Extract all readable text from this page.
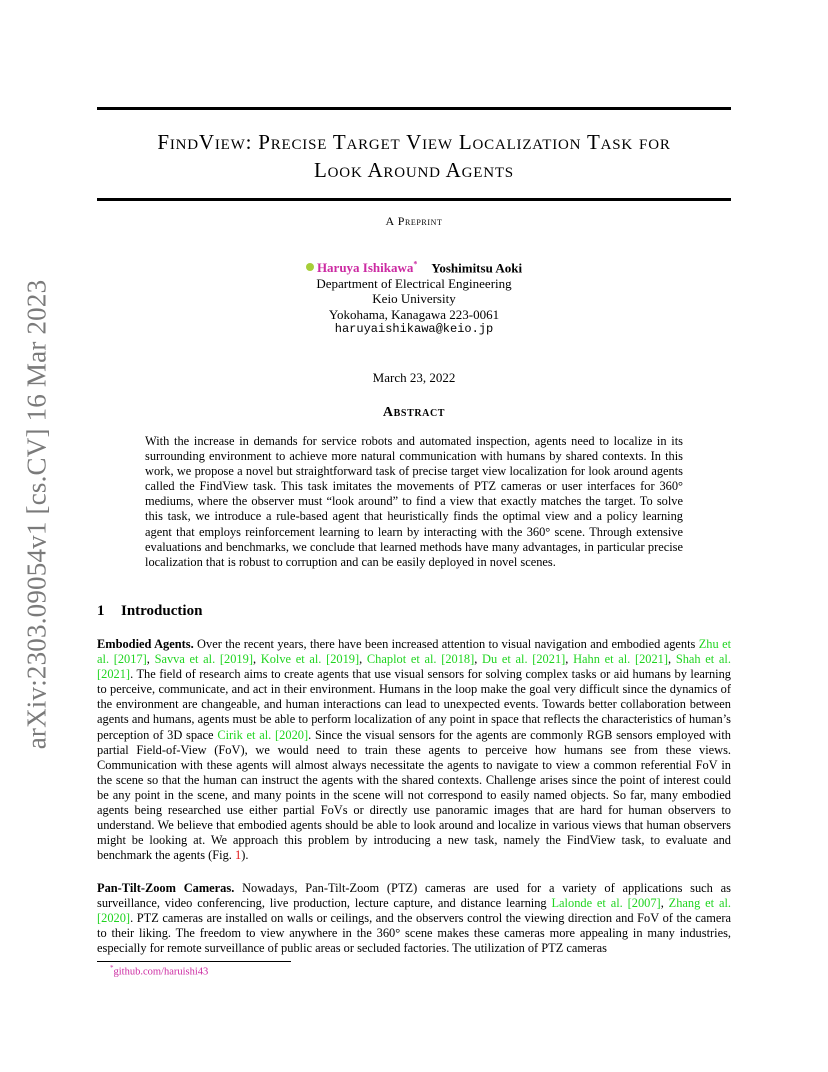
arXiv:2303.09054v1 [cs.CV] 16 Mar 2023
FindView: Precise Target View Localization Task for
Look Around Agents
A Preprint
Haruya Ishikawa* Yoshimitsu Aoki
Department of Electrical Engineering
Keio University
Yokohama, Kanagawa 223-0061
haruyaishikawa@keio.jp
March 23, 2022
Abstract

With the increase in demands for service robots and automated inspection, agents need to localize in its surrounding environment to achieve more natural communication with humans by shared contexts. In this work, we propose a novel but straightforward task of precise target view localization for look around agents called the FindView task. This task imitates the movements of PTZ cameras or user interfaces for 360° mediums, where the observer must “look around” to find a view that exactly matches the target. To solve this task, we introduce a rule-based agent that heuristically finds the optimal view and a policy learning agent that employs reinforcement learning to learn by interacting with the 360° scene. Through extensive evaluations and benchmarks, we conclude that learned methods have many advantages, in particular precise localization that is robust to corruption and can be easily deployed in novel scenes.

1 Introduction

Embodied Agents. Over the recent years, there have been increased attention to visual navigation and embodied agents Zhu et al. [2017], Savva et al. [2019], Kolve et al. [2019], Chaplot et al. [2018], Du et al. [2021], Hahn et al. [2021], Shah et al. [2021]. The field of research aims to create agents that use visual sensors for solving complex tasks or aid humans by learning to perceive, communicate, and act in their environment. Humans in the loop make the goal very difficult since the dynamics of the environment are changeable, and human interactions can lead to unexpected events. Towards better collaboration between agents and humans, agents must be able to perform localization of any point in space that reflects the characteristics of human’s perception of 3D space Cirik et al. [2020]. Since the visual sensors for the agents are commonly RGB sensors employed with partial Field-of-View (FoV), we would need to train these agents to perceive how humans see from these views. Communication with these agents will almost always necessitate the agents to navigate to view a common referential FoV in the scene so that the human can instruct the agents with the shared contexts. Challenge arises since the point of interest could be any point in the scene, and many points in the scene will not correspond to easily named objects. So far, many embodied agents being researched use either partial FoVs or directly use panoramic images that are hard for human observers to understand. We believe that embodied agents should be able to look around and localize in various views that human observers might be looking at. We approach this problem by introducing a new task, namely the FindView task, to evaluate and benchmark the agents (Fig. 1).

Pan-Tilt-Zoom Cameras. Nowadays, Pan-Tilt-Zoom (PTZ) cameras are used for a variety of applications such as surveillance, video conferencing, live production, lecture capture, and distance learning Lalonde et al. [2007], Zhang et al. [2020]. PTZ cameras are installed on walls or ceilings, and the observers control the viewing direction and FoV of the camera to their liking. The freedom to view anywhere in the 360° scene makes these cameras more appealing in many industries, especially for remote surveillance of public areas or secluded factories. The utilization of PTZ cameras

*github.com/haruishi43
